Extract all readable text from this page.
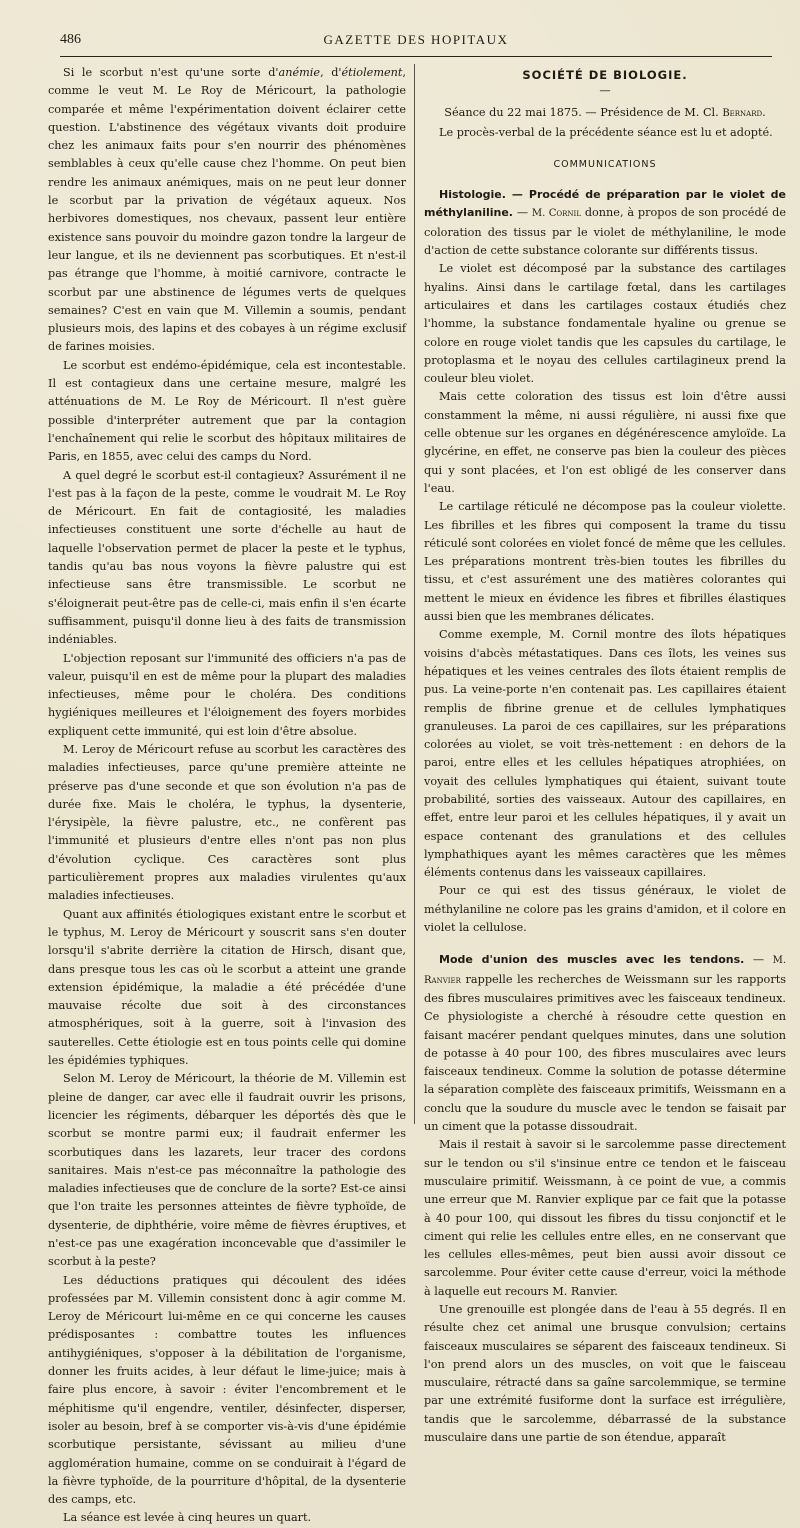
486	GAZETTE DES HOPITAUX

Si le scorbut n'est qu'une sorte d'anémie, d'étiolement, comme le veut M. Le Roy de Méricourt, la pathologie comparée et même l'expérimentation doivent éclairer cette question. L'abstinence des végétaux vivants doit produire chez les animaux faits pour s'en nourrir des phénomènes semblables à ceux qu'elle cause chez l'homme. On peut bien rendre les animaux anémiques, mais on ne peut leur donner le scorbut par la privation de végétaux aqueux. Nos herbivores domestiques, nos chevaux, passent leur entière existence sans pouvoir du moindre gazon tondre la largeur de leur langue, et ils ne deviennent pas scorbutiques. Et n'est-il pas étrange que l'homme, à moitié carnivore, contracte le scorbut par une abstinence de légumes verts de quelques semaines? C'est en vain que M. Villemin a soumis, pendant plusieurs mois, des lapins et des cobayes à un régime exclusif de farines moisies.

Le scorbut est endémo-épidémique, cela est incontestable. Il est contagieux dans une certaine mesure, malgré les atténuations de M. Le Roy de Méricourt. Il n'est guère possible d'interpréter autrement que par la contagion l'enchaînement qui relie le scorbut des hôpitaux militaires de Paris, en 1855, avec celui des camps du Nord.

A quel degré le scorbut est-il contagieux? Assurément il ne l'est pas à la façon de la peste, comme le voudrait M. Le Roy de Méricourt. En fait de contagiosité, les maladies infectieuses constituent une sorte d'échelle au haut de laquelle l'observation permet de placer la peste et le typhus, tandis qu'au bas nous voyons la fièvre palustre qui est infectieuse sans être transmissible. Le scorbut ne s'éloignerait peut-être pas de celle-ci, mais enfin il s'en écarte suffisamment, puisqu'il donne lieu à des faits de transmission indéniables.

L'objection reposant sur l'immunité des officiers n'a pas de valeur, puisqu'il en est de même pour la plupart des maladies infectieuses, même pour le choléra. Des conditions hygiéniques meilleures et l'éloignement des foyers morbides expliquent cette immunité, qui est loin d'être absolue.

M. Leroy de Méricourt refuse au scorbut les caractères des maladies infectieuses, parce qu'une première atteinte ne préserve pas d'une seconde et que son évolution n'a pas de durée fixe. Mais le choléra, le typhus, la dysenterie, l'érysipèle, la fièvre palustre, etc., ne confèrent pas l'immunité et plusieurs d'entre elles n'ont pas non plus d'évolution cyclique. Ces caractères sont plus particulièrement propres aux maladies virulentes qu'aux maladies infectieuses.

Quant aux affinités étiologiques existant entre le scorbut et le typhus, M. Leroy de Méricourt y souscrit sans s'en douter lorsqu'il s'abrite derrière la citation de Hirsch, disant que, dans presque tous les cas où le scorbut a atteint une grande extension épidémique, la maladie a été précédée d'une mauvaise récolte due soit à des circonstances atmosphériques, soit à la guerre, soit à l'invasion des sauterelles. Cette étiologie est en tous points celle qui domine les épidémies typhiques.

Selon M. Leroy de Méricourt, la théorie de M. Villemin est pleine de danger, car avec elle il faudrait ouvrir les prisons, licencier les régiments, débarquer les déportés dès que le scorbut se montre parmi eux; il faudrait enfermer les scorbutiques dans les lazarets, leur tracer des cordons sanitaires. Mais n'est-ce pas méconnaître la pathologie des maladies infectieuses que de conclure de la sorte? Est-ce ainsi que l'on traite les personnes atteintes de fièvre typhoïde, de dysenterie, de diphthérie, voire même de fièvres éruptives, et n'est-ce pas une exagération inconcevable que d'assimiler le scorbut à la peste?

Les déductions pratiques qui découlent des idées professées par M. Villemin consistent donc à agir comme M. Leroy de Méricourt lui-même en ce qui concerne les causes prédisposantes : combattre toutes les influences antihygiéniques, s'opposer à la débilitation de l'organisme, donner les fruits acides, à leur défaut le lime-juice; mais à faire plus encore, à savoir : éviter l'encombrement et le méphitisme qu'il engendre, ventiler, désinfecter, disperser, isoler au besoin, bref à se comporter vis-à-vis d'une épidémie scorbutique persistante, sévissant au milieu d'une agglomération humaine, comme on se conduirait à l'égard de la fièvre typhoïde, de la pourriture d'hôpital, de la dysenterie des camps, etc.

La séance est levée à cinq heures un quart.

SOCIÉTÉ DE BIOLOGIE.
—

Séance du 22 mai 1875. — Présidence de M. Cl. Bernard.

Le procès-verbal de la précédente séance est lu et adopté.

COMMUNICATIONS

Histologie. — Procédé de préparation par le violet de méthylaniline. — M. Cornil donne, à propos de son procédé de coloration des tissus par le violet de méthylaniline, le mode d'action de cette substance colorante sur différents tissus.

Le violet est décomposé par la substance des cartilages hyalins. Ainsi dans le cartilage fœtal, dans les cartilages articulaires et dans les cartilages costaux étudiés chez l'homme, la substance fondamentale hyaline ou grenue se colore en rouge violet tandis que les capsules du cartilage, le protoplasma et le noyau des cellules cartilagineux prend la couleur bleu violet.

Mais cette coloration des tissus est loin d'être aussi constamment la même, ni aussi régulière, ni aussi fixe que celle obtenue sur les organes en dégénérescence amyloïde. La glycérine, en effet, ne conserve pas bien la couleur des pièces qui y sont placées, et l'on est obligé de les conserver dans l'eau.

Le cartilage réticulé ne décompose pas la couleur violette. Les fibrilles et les fibres qui composent la trame du tissu réticulé sont colorées en violet foncé de même que les cellules. Les préparations montrent très-bien toutes les fibrilles du tissu, et c'est assurément une des matières colorantes qui mettent le mieux en évidence les fibres et fibrilles élastiques aussi bien que les membranes délicates.

Comme exemple, M. Cornil montre des îlots hépatiques voisins d'abcès métastatiques. Dans ces îlots, les veines sus hépatiques et les veines centrales des îlots étaient remplis de pus. La veine-porte n'en contenait pas. Les capillaires étaient remplis de fibrine grenue et de cellules lymphatiques granuleuses. La paroi de ces capillaires, sur les préparations colorées au violet, se voit très-nettement : en dehors de la paroi, entre elles et les cellules hépatiques atrophiées, on voyait des cellules lymphatiques qui étaient, suivant toute probabilité, sorties des vaisseaux. Autour des capillaires, en effet, entre leur paroi et les cellules hépatiques, il y avait un espace contenant des granulations et des cellules lymphathiques ayant les mêmes caractères que les mêmes éléments contenus dans les vaisseaux capillaires.

Pour ce qui est des tissus généraux, le violet de méthylaniline ne colore pas les grains d'amidon, et il colore en violet la cellulose.

Mode d'union des muscles avec les tendons. — M. Ranvier rappelle les recherches de Weissmann sur les rapports des fibres musculaires primitives avec les faisceaux tendineux. Ce physiologiste a cherché à résoudre cette question en faisant macérer pendant quelques minutes, dans une solution de potasse à 40 pour 100, des fibres musculaires avec leurs faisceaux tendineux. Comme la solution de potasse détermine la séparation complète des faisceaux primitifs, Weissmann en a conclu que la soudure du muscle avec le tendon se faisait par un ciment que la potasse dissoudrait.

Mais il restait à savoir si le sarcolemme passe directement sur le tendon ou s'il s'insinue entre ce tendon et le faisceau musculaire primitif. Weissmann, à ce point de vue, a commis une erreur que M. Ranvier explique par ce fait que la potasse à 40 pour 100, qui dissout les fibres du tissu conjonctif et le ciment qui relie les cellules entre elles, en ne conservant que les cellules elles-mêmes, peut bien aussi avoir dissout ce sarcolemme. Pour éviter cette cause d'erreur, voici la méthode à laquelle eut recours M. Ranvier.

Une grenouille est plongée dans de l'eau à 55 degrés. Il en résulte chez cet animal une brusque convulsion; certains faisceaux musculaires se séparent des faisceaux tendineux. Si l'on prend alors un des muscles, on voit que le faisceau musculaire, rétracté dans sa gaîne sarcolemmique, se termine par une extrémité fusiforme dont la surface est irrégulière, tandis que le sarcolemme, débarrassé de la substance musculaire dans une partie de son étendue, apparaît
